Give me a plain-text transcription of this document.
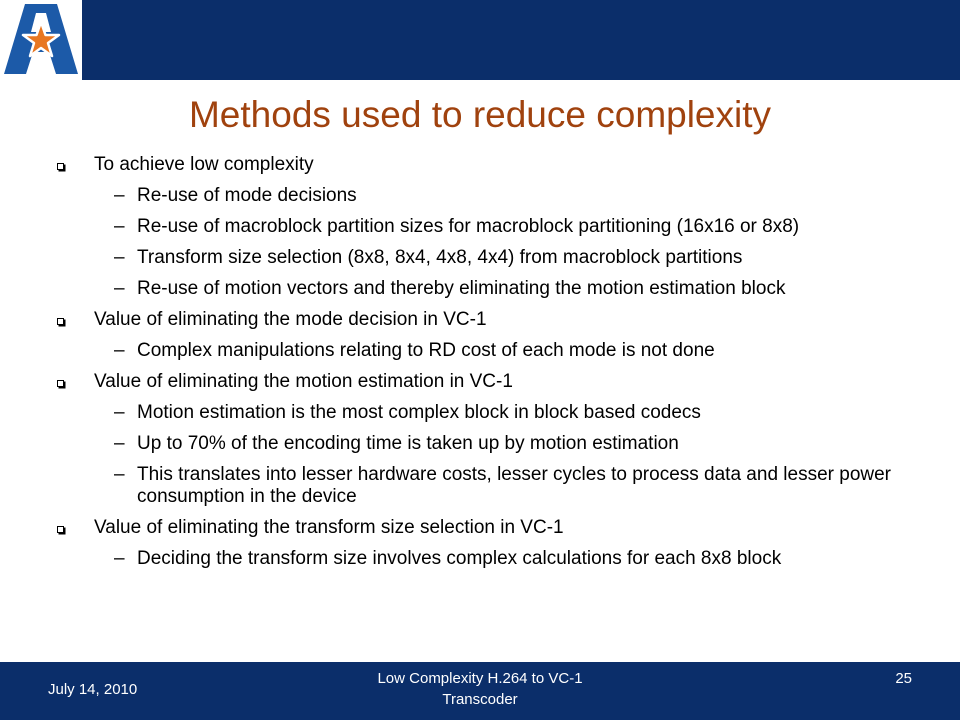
Methods used to reduce complexity
To achieve low complexity
– Re-use of mode decisions
– Re-use of macroblock partition sizes for macroblock partitioning (16x16 or 8x8)
– Transform size selection (8x8, 8x4, 4x8, 4x4) from macroblock partitions
– Re-use of motion vectors and thereby eliminating the motion estimation block
Value of eliminating the mode decision in VC-1
– Complex manipulations relating to RD cost of each mode is not done
Value of eliminating the motion estimation in VC-1
– Motion estimation is the most complex block in block based codecs
– Up to 70% of the encoding time is taken up by motion estimation
– This translates into lesser hardware costs, lesser cycles to process data and lesser power consumption in the device
Value of eliminating the transform size selection in VC-1
– Deciding the transform size involves complex calculations for each 8x8 block
July 14, 2010
Low Complexity H.264 to VC-1 Transcoder
25
